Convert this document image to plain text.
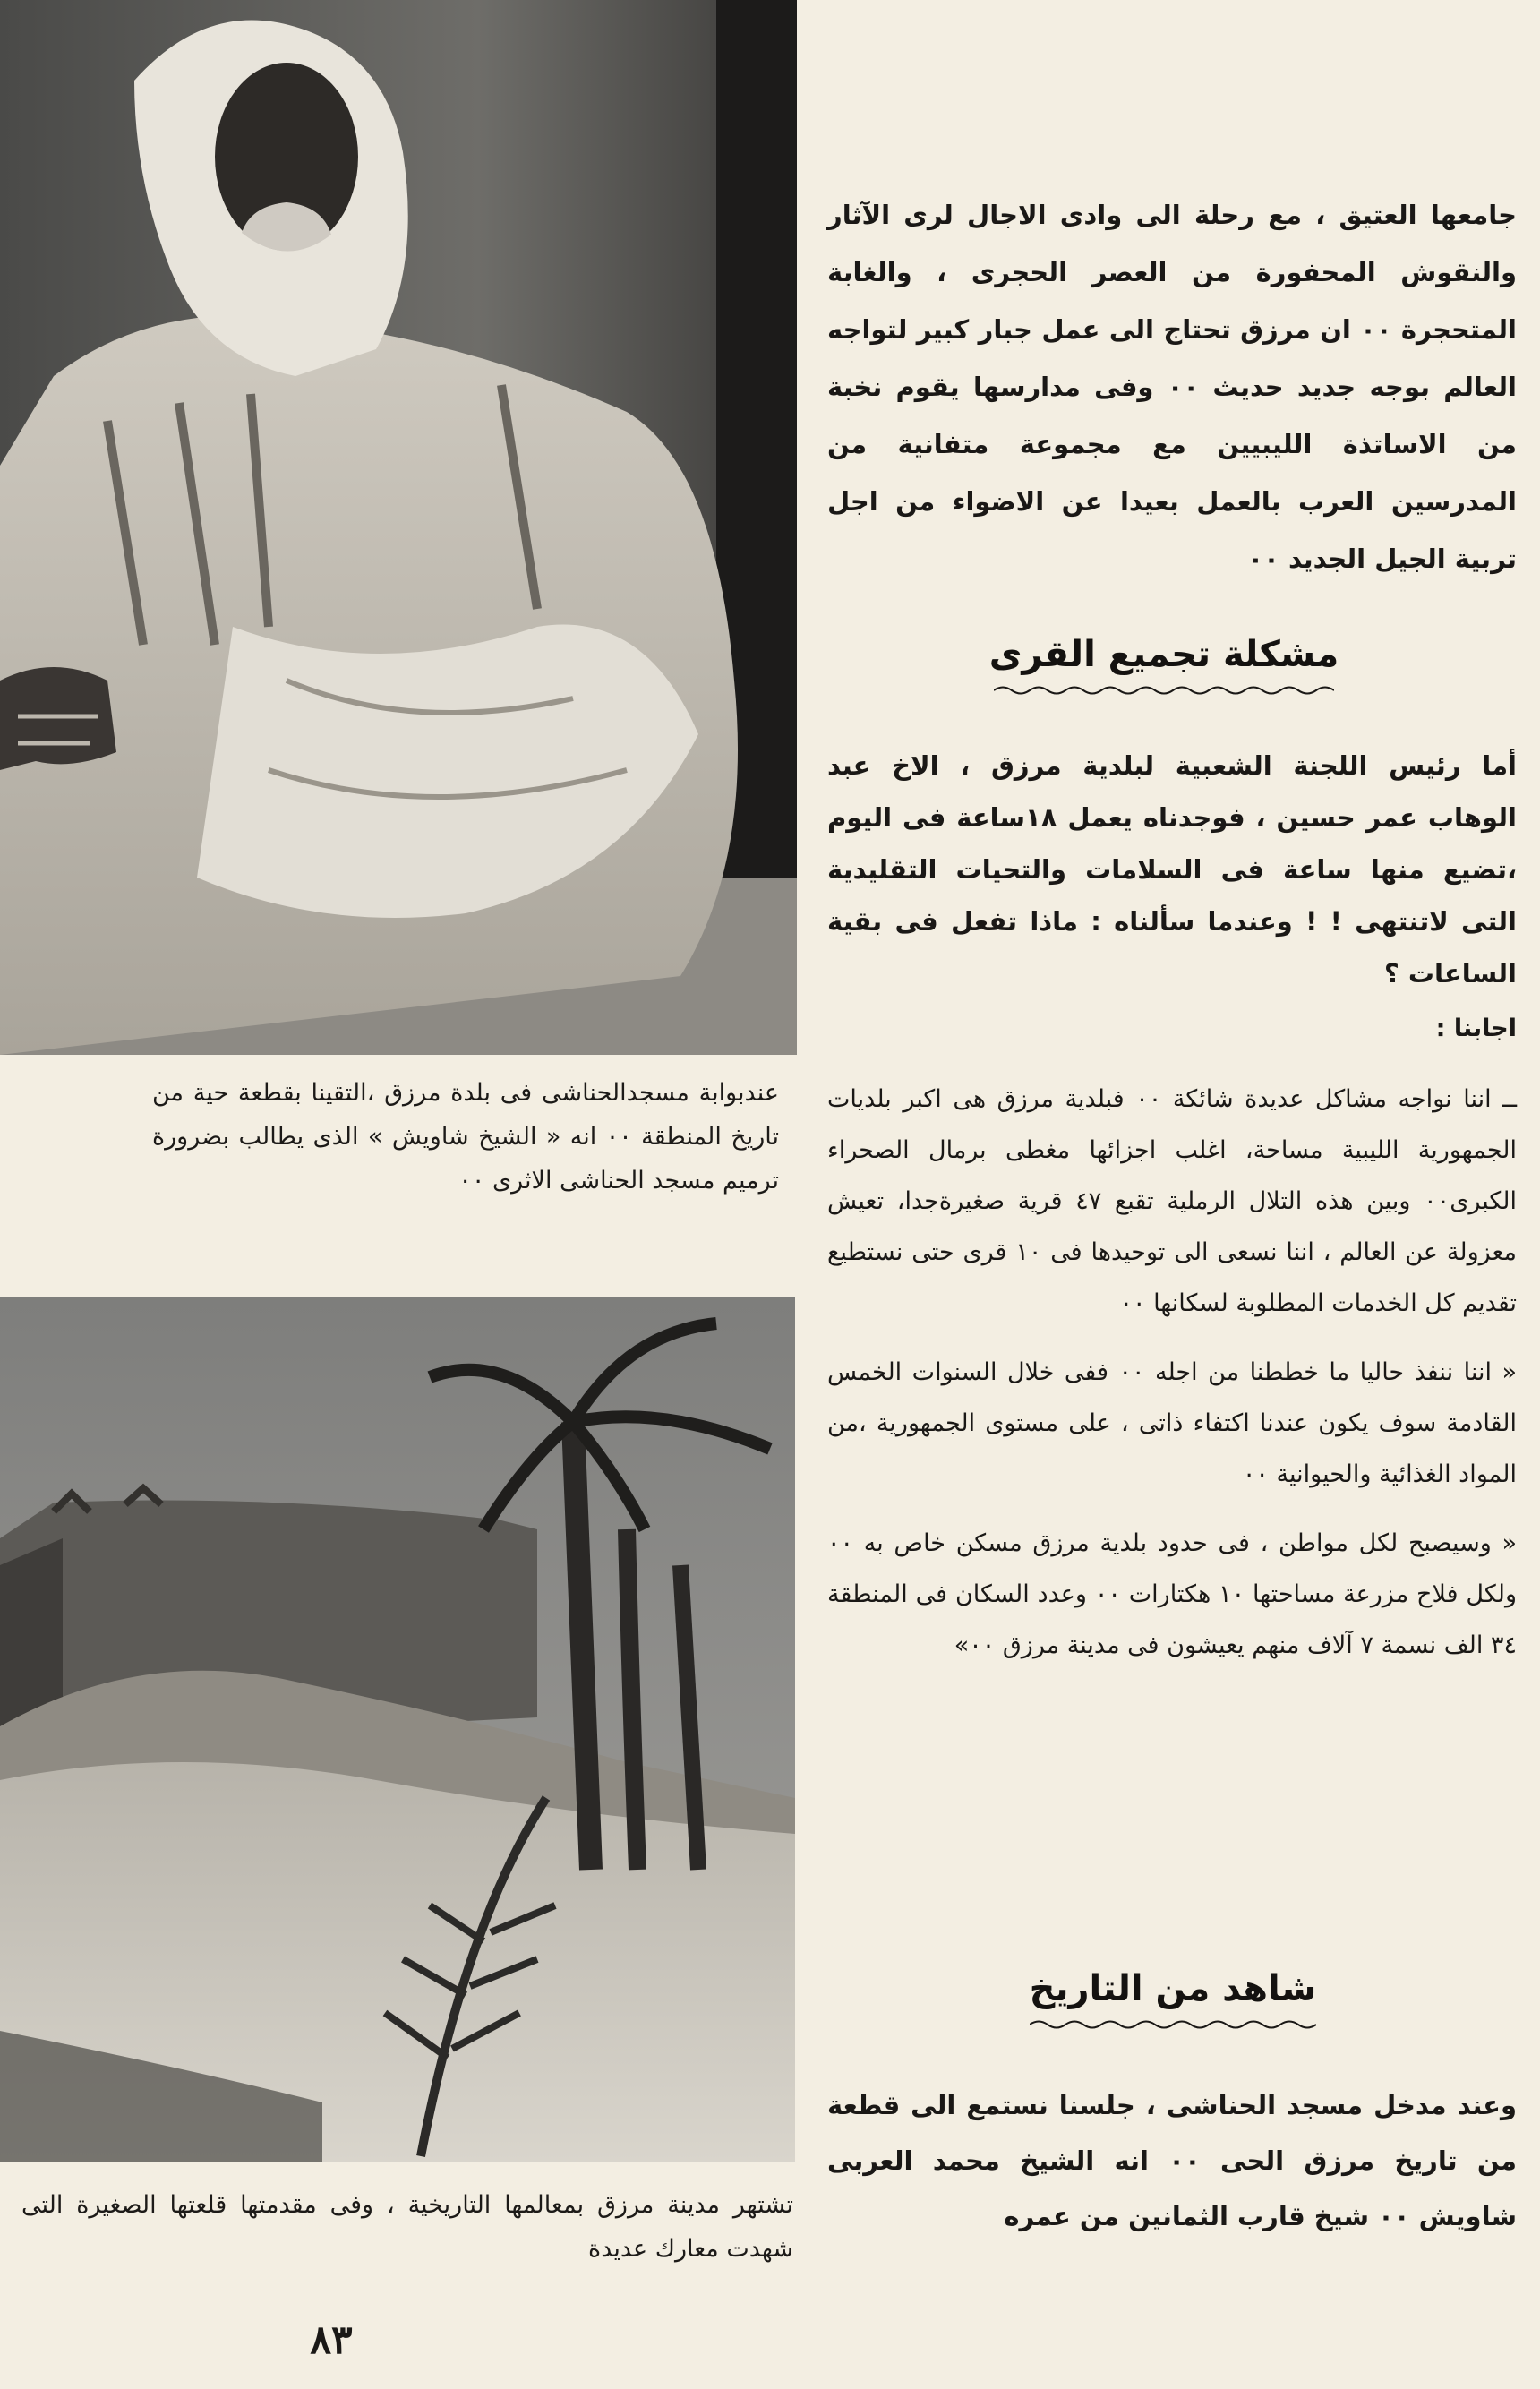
عندبوابة مسجدالحناشى فى بلدة مرزق ،التقينا بقطعة حية من تاريخ المنطقة ٠٠ انه « الشيخ شاويش » الذى يطالب بضرورة ترميم مسجد الحناشى الاثرى ٠٠

تشتهر مدينة مرزق بمعالمها التاريخية ، وفى مقدمتها قلعتها الصغيرة التى شهدت معارك عديدة

جامعها العتيق ، مع رحلة الى وادى الاجال لرى الآثار والنقوش المحفورة من العصر الحجرى ، والغابة المتحجرة ٠٠ ان مرزق تحتاج الى عمل جبار كبير لتواجه العالم بوجه جديد حديث ٠٠ وفى مدارسها يقوم نخبة من الاساتذة الليبيين مع مجموعة متفانية من المدرسين العرب بالعمل بعيدا عن الاضواء من اجل تربية الجيل الجديد ٠٠

مشكلة تجميع القرى

أما رئيس اللجنة الشعبية لبلدية مرزق ، الاخ عبد الوهاب عمر حسين ، فوجدناه يعمل ١٨ساعة فى اليوم ،تضيع منها ساعة فى السلامات والتحيات التقليدية التى لاتنتهى ! ! وعندما سألناه : ماذا تفعل فى بقية الساعات ؟

اجابنا :

ــ اننا نواجه مشاكل عديدة شائكة ٠٠ فبلدية مرزق هى اكبر بلديات الجمهورية الليبية مساحة، اغلب اجزائها مغطى برمال الصحراء الكبرى٠٠ وبين هذه التلال الرملية تقبع ٤٧ قرية صغيرةجدا، تعيش معزولة عن العالم ، اننا نسعى الى توحيدها فى ١٠ قرى حتى نستطيع تقديم كل الخدمات المطلوبة لسكانها ٠٠

« اننا ننفذ حاليا ما خططنا من اجله ٠٠ ففى خلال السنوات الخمس القادمة سوف يكون عندنا اكتفاء ذاتى ، على مستوى الجمهورية ،من المواد الغذائية والحيوانية ٠٠

« وسيصبح لكل مواطن ، فى حدود بلدية مرزق مسكن خاص به ٠٠ ولكل فلاح مزرعة مساحتها ١٠ هكتارات ٠٠ وعدد السكان فى المنطقة ٣٤ الف نسمة ٧ آلاف منهم يعيشون فى مدينة مرزق ٠٠»

شاهد من التاريخ

وعند مدخل مسجد الحناشى ، جلسنا نستمع الى قطعة من تاريخ مرزق الحى ٠٠ انه الشيخ محمد العربى شاويش ٠٠ شيخ قارب الثمانين من عمره

٨٣
